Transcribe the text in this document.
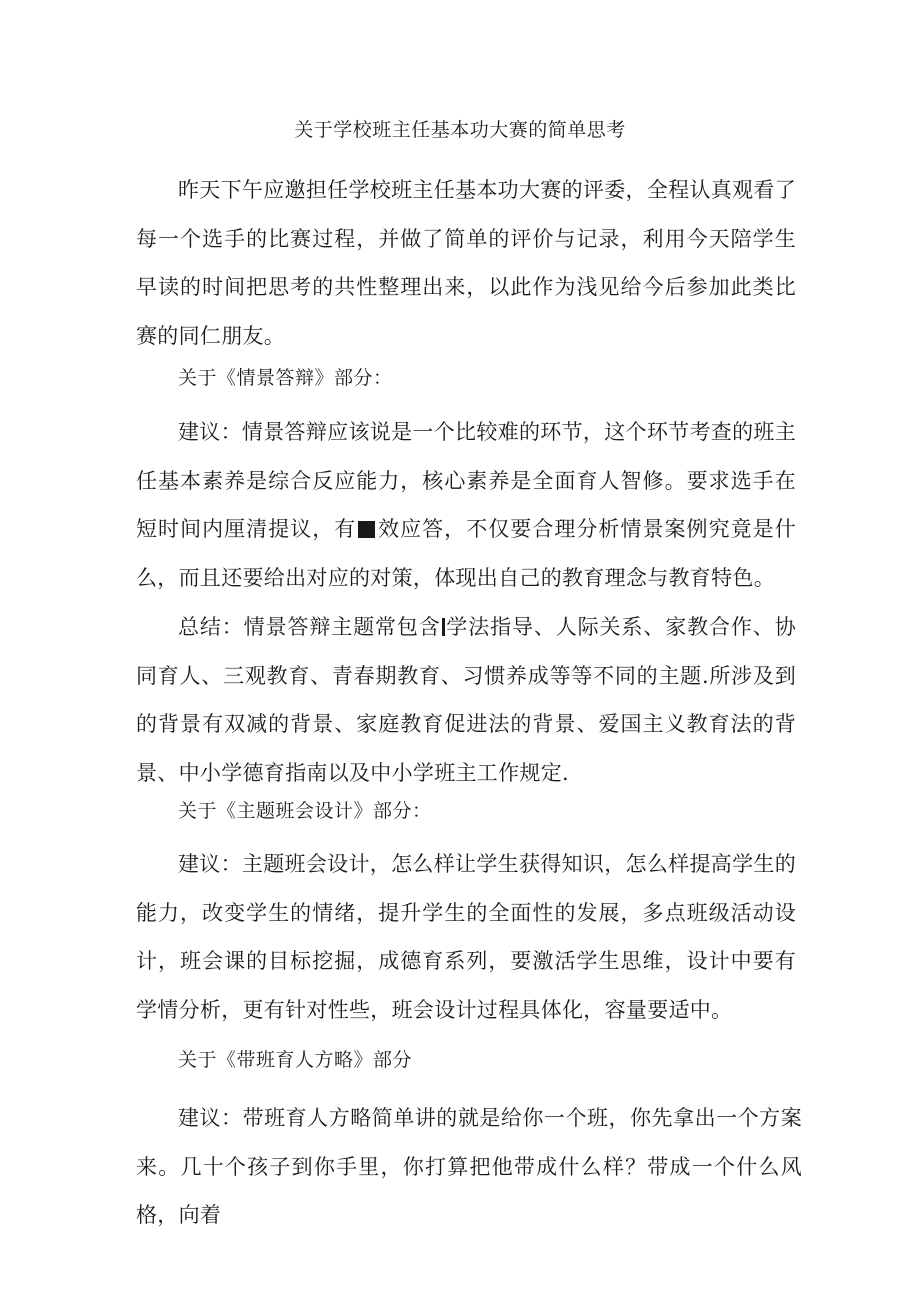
关于学校班主任基本功大赛的简单思考

昨天下午应邀担任学校班主任基本功大赛的评委，全程认真观看了每一个选手的比赛过程，并做了简单的评价与记录，利用今天陪学生早读的时间把思考的共性整理出来，以此作为浅见给今后参加此类比赛的同仁朋友。

关于《情景答辩》部分：

建议：情景答辩应该说是一个比较难的环节，这个环节考查的班主任基本素养是综合反应能力，核心素养是全面育人智修。要求选手在短时间内厘清提议，有 效应答，不仅要合理分析情景案例究竟是什么，而且还要给出对应的对策，体现出自己的教育理念与教育特色。

总结：情景答辩主题常包含 学法指导、人际关系、家教合作、协同育人、三观教育、青春期教育、习惯养成等等不同的主题.所涉及到的背景有双减的背景、家庭教育促进法的背景、爱国主义教育法的背景、中小学德育指南以及中小学班主工作规定.

关于《主题班会设计》部分：

建议：主题班会设计，怎么样让学生获得知识，怎么样提高学生的能力，改变学生的情绪，提升学生的全面性的发展，多点班级活动设计，班会课的目标挖掘，成德育系列，要激活学生思维，设计中要有学情分析，更有针对性些，班会设计过程具体化，容量要适中。

关于《带班育人方略》部分

建议：带班育人方略简单讲的就是给你一个班，你先拿出一个方案来。几十个孩子到你手里，你打算把他带成什么样？带成一个什么风格，向着
